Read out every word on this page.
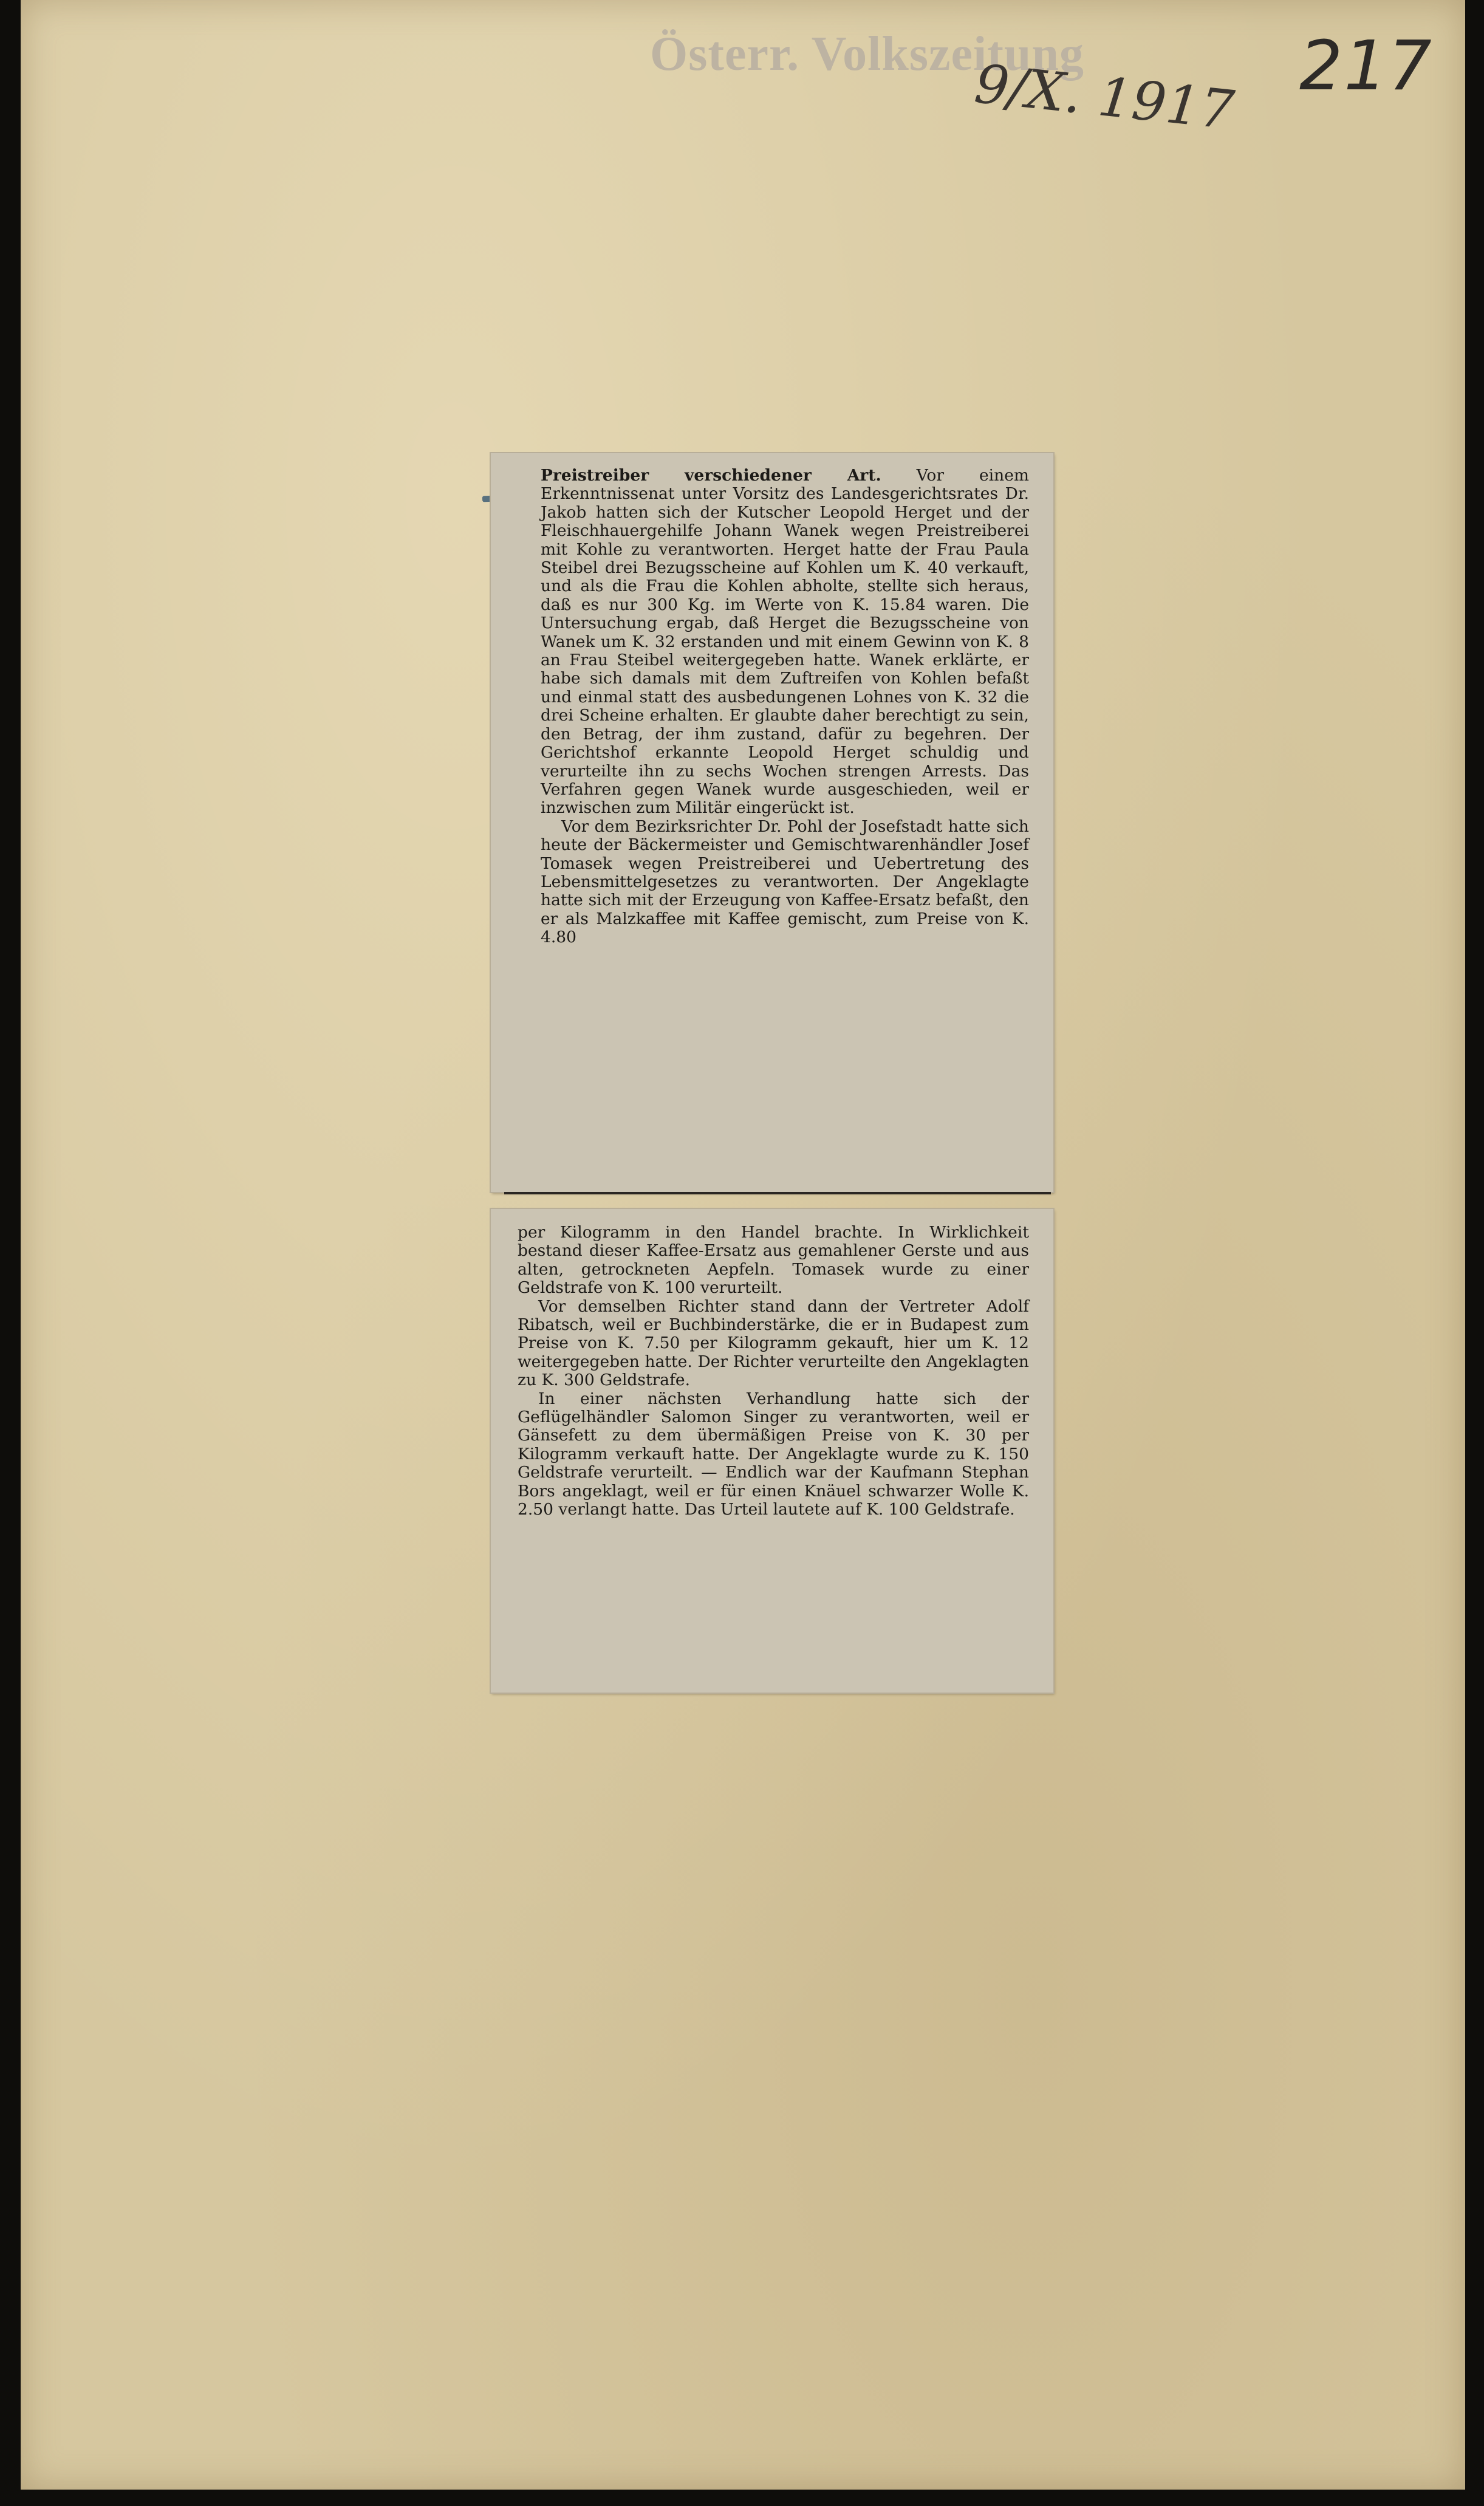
Österr. Volkszeitung
9/X. 1917 217

Preistreiber verschiedener Art. Vor einem Erkenntnissenat unter Vorsitz des Landesgerichtsrates Dr. Jakob hatten sich der Kutscher Leopold Herget und der Fleischhauergehilfe Johann Wanek wegen Preistreiberei mit Kohle zu verantworten. Herget hatte der Frau Paula Steibel drei Bezugsscheine auf Kohlen um K. 40 verkauft, und als die Frau die Kohlen abholte, stellte sich heraus, daß es nur 300 Kg. im Werte von K. 15.84 waren. Die Untersuchung ergab, daß Herget die Bezugsscheine von Wanek um K. 32 erstanden und mit einem Gewinn von K. 8 an Frau Steibel weitergegeben hatte. Wanek erklärte, er habe sich damals mit dem Zuftreifen von Kohlen befaßt und einmal statt des ausbedungenen Lohnes von K. 32 die drei Scheine erhalten. Er glaubte daher berechtigt zu sein, den Betrag, der ihm zustand, dafür zu begehren. Der Gerichtshof erkannte Leopold Herget schuldig und verurteilte ihn zu sechs Wochen strengen Arrests. Das Verfahren gegen Wanek wurde ausgeschieden, weil er inzwischen zum Militär eingerückt ist.

Vor dem Bezirksrichter Dr. Pohl der Josefstadt hatte sich heute der Bäckermeister und Gemischtwarenhändler Josef Tomasek wegen Preistreiberei und Uebertretung des Lebensmittelgesetzes zu verantworten. Der Angeklagte hatte sich mit der Erzeugung von Kaffee-Ersatz befaßt, den er als Malzkaffee mit Kaffee gemischt, zum Preise von K. 4.80

per Kilogramm in den Handel brachte. In Wirklichkeit bestand dieser Kaffee-Ersatz aus gemahlener Gerste und aus alten, getrockneten Aepfeln. Tomasek wurde zu einer Geldstrafe von K. 100 verurteilt.

Vor demselben Richter stand dann der Vertreter Adolf Ribatsch, weil er Buchbinderstärke, die er in Budapest zum Preise von K. 7.50 per Kilogramm gekauft, hier um K. 12 weitergegeben hatte. Der Richter verurteilte den Angeklagten zu K. 300 Geldstrafe.

In einer nächsten Verhandlung hatte sich der Geflügelhändler Salomon Singer zu verantworten, weil er Gänsefett zu dem übermäßigen Preise von K. 30 per Kilogramm verkauft hatte. Der Angeklagte wurde zu K. 150 Geldstrafe verurteilt. — Endlich war der Kaufmann Stephan Bors angeklagt, weil er für einen Knäuel schwarzer Wolle K. 2.50 verlangt hatte. Das Urteil lautete auf K. 100 Geldstrafe.
